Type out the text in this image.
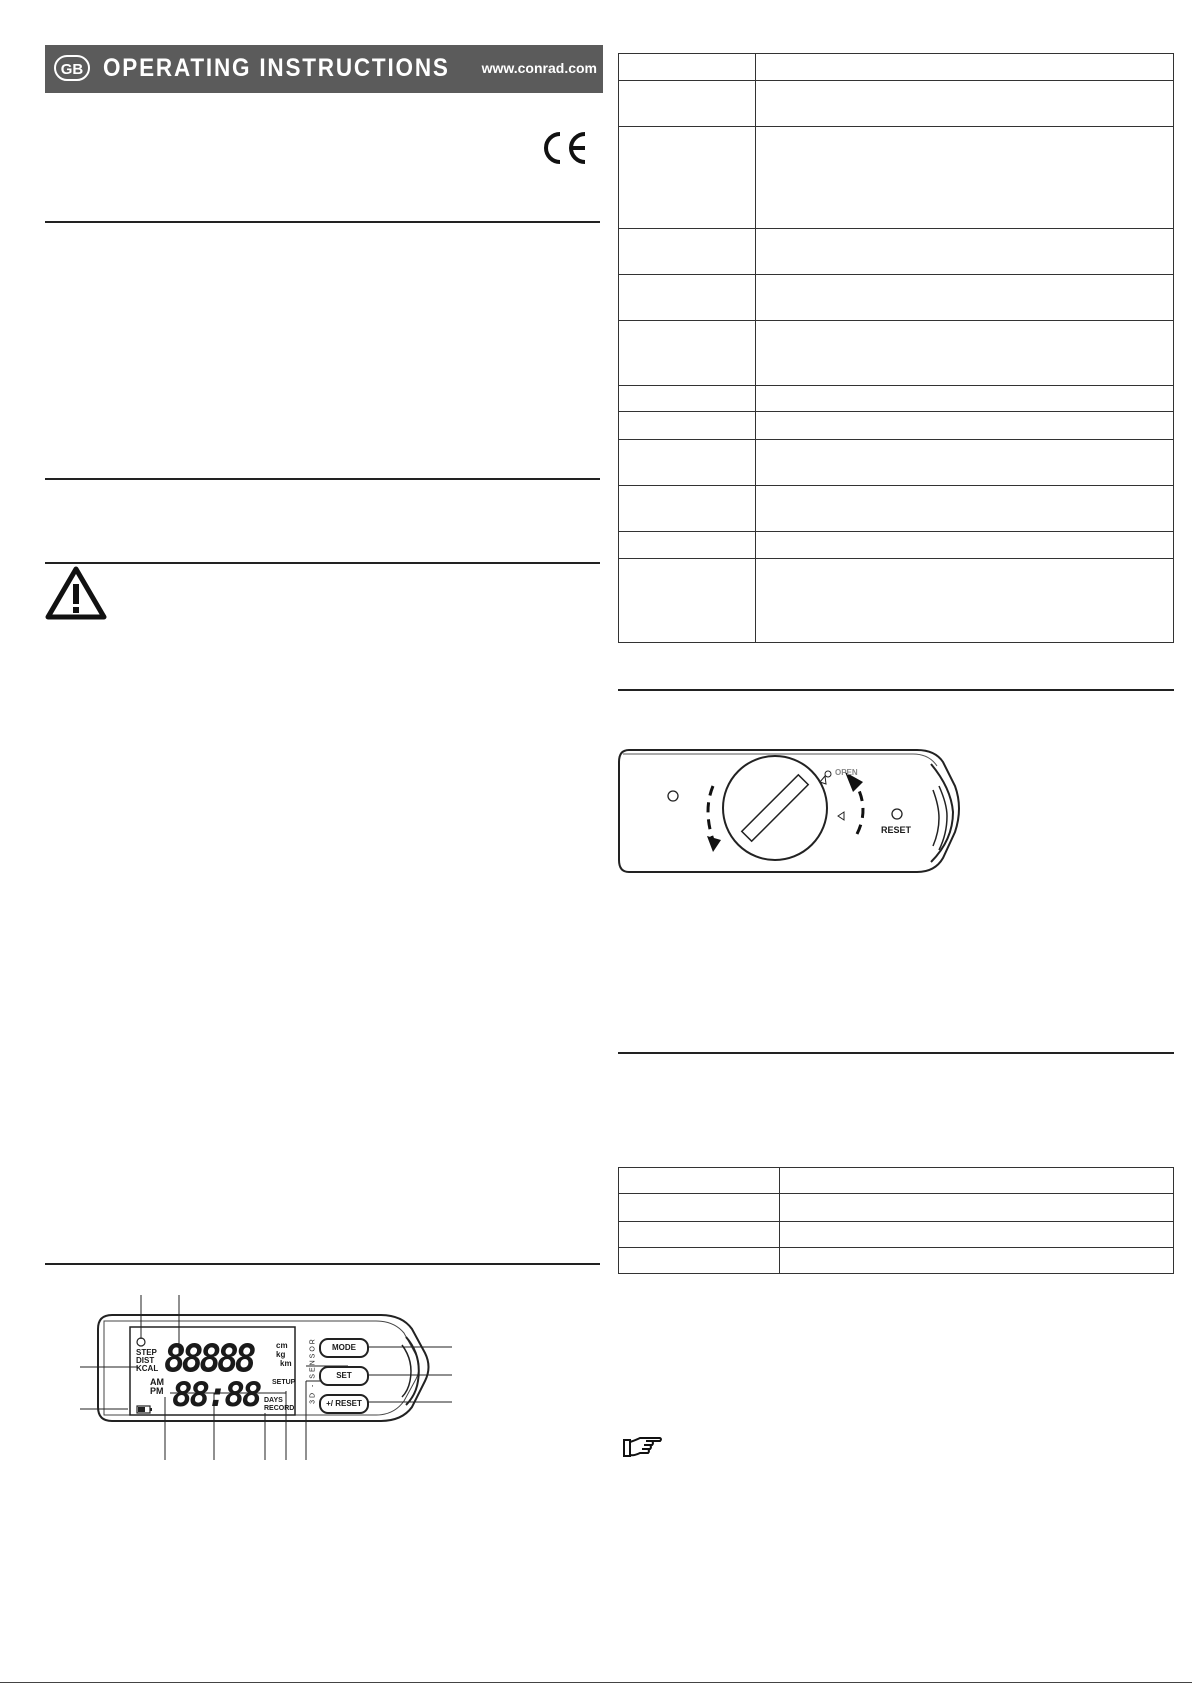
GB OPERATING INSTRUCTIONS www.conrad.com
STEP
DIST
KCAL 88888	cm
kg
km
AM
PM 88:88 SETUP
DAYS
RECORD
3D - SENSOR	MODE
SET
+/ RESET

OPEN
RESET
